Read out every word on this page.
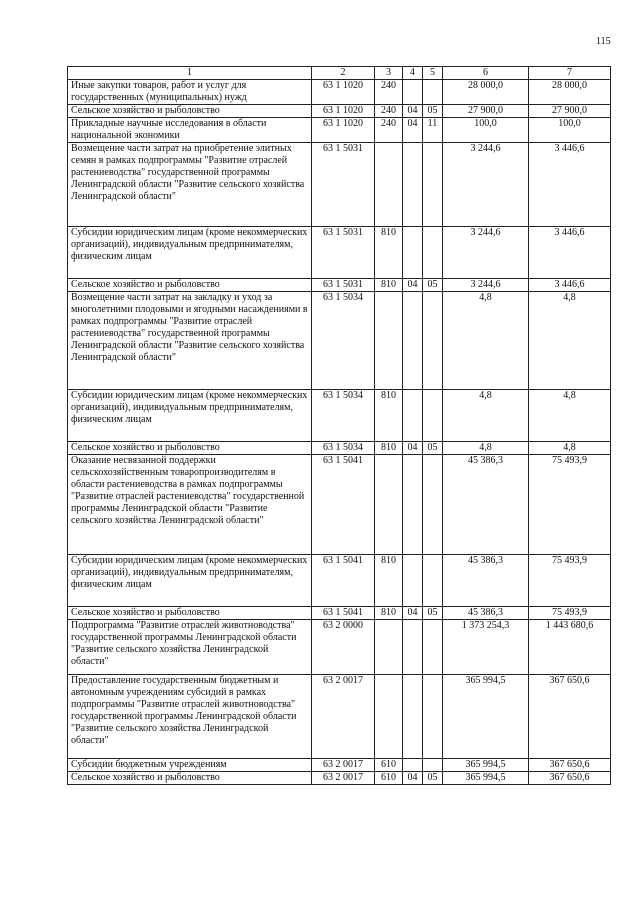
115
1	2	3	4	5	6	7
Иные закупки товаров, работ и услуг для государственных (муниципальных) нужд	63 1 1020	240			28 000,0	28 000,0
Сельское хозяйство и рыболовство	63 1 1020	240	04	05	27 900,0	27 900,0
Прикладные научные исследования в области национальной экономики	63 1 1020	240	04	11	100,0	100,0
Возмещение части затрат на приобретение элитных семян в рамках подпрограммы "Развитие отраслей растениеводства" государственной программы Ленинградской области "Развитие сельского хозяйства Ленинградской области"	63 1 5031				3 244,6	3 446,6
Субсидии юридическим лицам (кроме некоммерческих организаций), индивидуальным предпринимателям, физическим лицам	63 1 5031	810			3 244,6	3 446,6
Сельское хозяйство и рыболовство	63 1 5031	810	04	05	3 244,6	3 446,6
Возмещение части затрат на закладку и уход за многолетними плодовыми и ягодными насаждениями в рамках подпрограммы "Развитие отраслей растениеводства" государственной программы Ленинградской области "Развитие сельского хозяйства Ленинградской области"	63 1 5034				4,8	4,8
Субсидии юридическим лицам (кроме некоммерческих организаций), индивидуальным предпринимателям, физическим лицам	63 1 5034	810			4,8	4,8
Сельское хозяйство и рыболовство	63 1 5034	810	04	05	4,8	4,8
Оказание несвязанной поддержки сельскохозяйственным товаропроизводителям в области растениеводства в рамках подпрограммы "Развитие отраслей растениеводства" государственной программы Ленинградской области "Развитие сельского хозяйства Ленинградской области"	63 1 5041				45 386,3	75 493,9
Субсидии юридическим лицам (кроме некоммерческих организаций), индивидуальным предпринимателям, физическим лицам	63 1 5041	810			45 386,3	75 493,9
Сельское хозяйство и рыболовство	63 1 5041	810	04	05	45 386,3	75 493,9
Подпрограмма "Развитие отраслей животноводства" государственной программы Ленинградской области "Развитие сельского хозяйства Ленинградской области"	63 2 0000				1 373 254,3	1 443 680,6
Предоставление государственным бюджетным и автономным учреждениям субсидий в рамках подпрограммы "Развитие отраслей животноводства" государственной программы Ленинградской области "Развитие сельского хозяйства Ленинградской области"	63 2 0017				365 994,5	367 650,6
Субсидии бюджетным учреждениям	63 2 0017	610			365 994,5	367 650,6
Сельское хозяйство и рыболовство	63 2 0017	610	04	05	365 994,5	367 650,6
